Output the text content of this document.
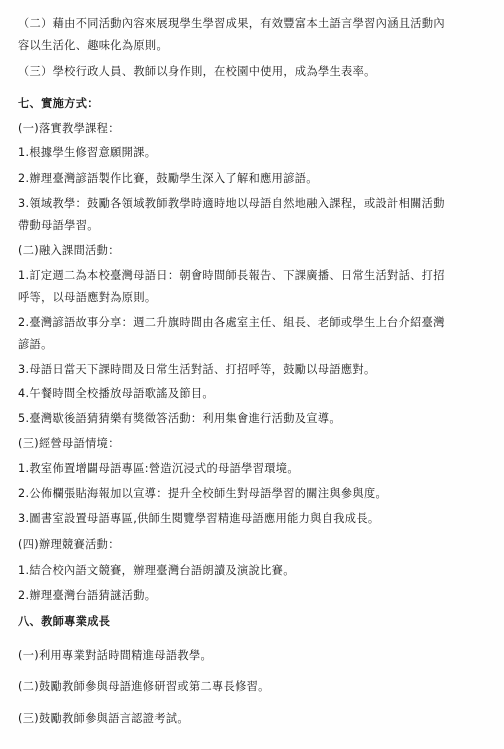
（二）藉由不同活動內容來展現學生學習成果，有效豐富本土語言學習內涵且活動內
容以生活化、趣味化為原則。
（三）學校行政人員、教師以身作則，在校園中使用，成為學生表率。
七、實施方式：
(一)落實教學課程：
1.根據學生修習意願開課。
2.辦理臺灣諺語製作比賽，鼓勵學生深入了解和應用諺語。
3.領域教學：鼓勵各領域教師教學時適時地以母語自然地融入課程，或設計相關活動
帶動母語學習。
(二)融入課間活動：
1.訂定週二為本校臺灣母語日：朝會時間師長報告、下課廣播、日常生活對話、打招
呼等，以母語應對為原則。
2.臺灣諺語故事分享：週二升旗時間由各處室主任、組長、老師或學生上台介紹臺灣
諺語。
3.母語日當天下課時間及日常生活對話、打招呼等，鼓勵以母語應對。
4.午餐時間全校播放母語歌謠及節目。
5.臺灣歇後語猜猜樂有獎徵答活動：利用集會進行活動及宣導。
(三)經營母語情境：
1.教室佈置增闢母語專區:營造沉浸式的母語學習環境。
2.公佈欄張貼海報加以宣導：提升全校師生對母語學習的關注與參與度。
3.圖書室設置母語專區,供師生閱覽學習精進母語應用能力與自我成長。
(四)辦理競賽活動：
1.結合校內語文競賽，辦理臺灣台語朗讀及演說比賽。
2.辦理臺灣台語猜謎活動。
八、教師專業成長
(一)利用專業對話時間精進母語教學。
(二)鼓勵教師參與母語進修研習或第二專長修習。
(三)鼓勵教師參與語言認證考試。
